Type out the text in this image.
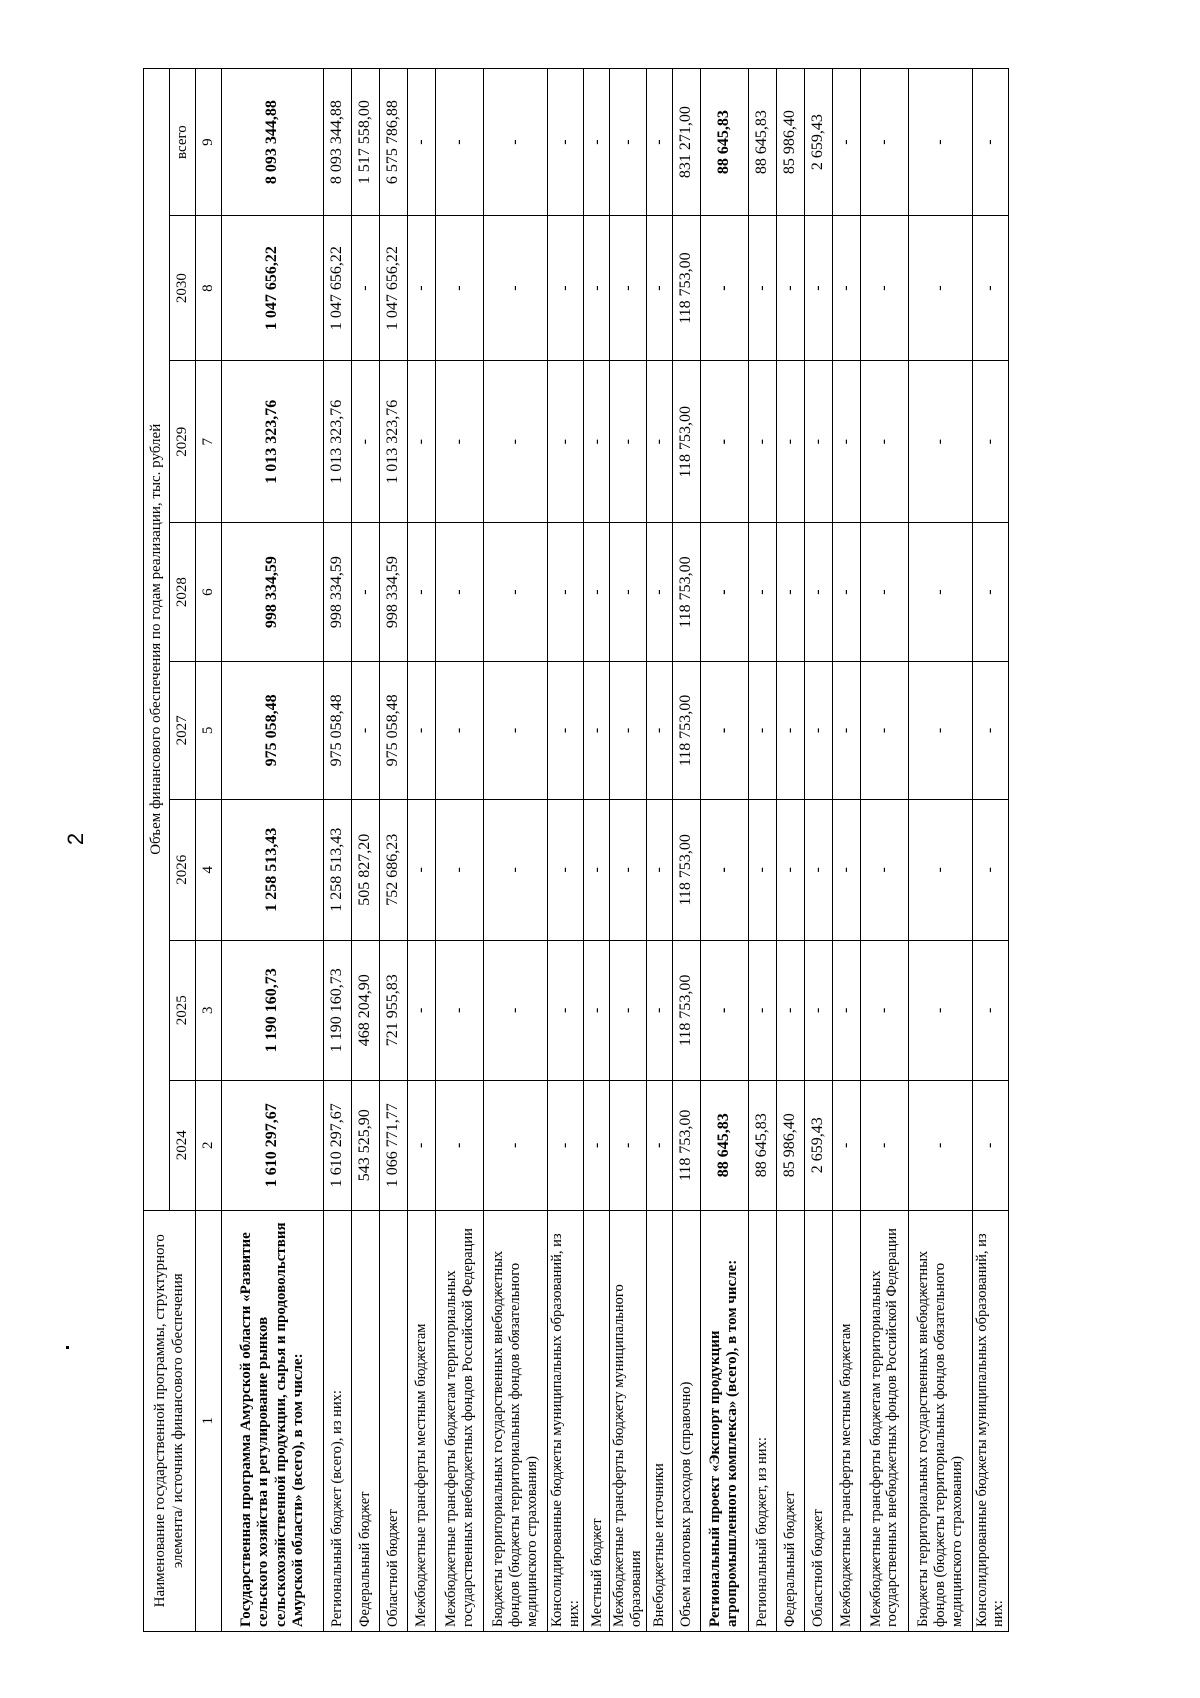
2
Наименование государственной программы, структурного элемента/ источник финансового обеспечения	Объем финансового обеспечения по годам реализации, тыс. рублей							
	2024	2025	2026	2027	2028	2029	2030	всего
1	2	3	4	5	6	7	8	9
Государственная программа Амурской области «Развитие сельского хозяйства и регулирование рынков сельскохозяйственной продукции, сырья и продовольствия Амурской области» (всего), в том числе:	1 610 297,67	1 190 160,73	1 258 513,43	975 058,48	998 334,59	1 013 323,76	1 047 656,22	8 093 344,88
Региональный бюджет (всего), из них:	1 610 297,67	1 190 160,73	1 258 513,43	975 058,48	998 334,59	1 013 323,76	1 047 656,22	8 093 344,88
Федеральный бюджет	543 525,90	468 204,90	505 827,20	-	-	-	-	1 517 558,00
Областной бюджет	1 066 771,77	721 955,83	752 686,23	975 058,48	998 334,59	1 013 323,76	1 047 656,22	6 575 786,88
Межбюджетные трансферты местным бюджетам	-	-	-	-	-	-	-	-
Межбюджетные трансферты бюджетам территориальных государственных внебюджетных фондов Российской Федерации	-	-	-	-	-	-	-	-
Бюджеты территориальных государственных внебюджетных фондов (бюджеты территориальных фондов обязательного медицинского страхования)	-	-	-	-	-	-	-	-
Консолидированные бюджеты муниципальных образований, из них:	-	-	-	-	-	-	-	-
Местный бюджет	-	-	-	-	-	-	-	-
Межбюджетные трансферты бюджету муниципального образования	-	-	-	-	-	-	-	-
Внебюджетные источники	-	-	-	-	-	-	-	-
Объем налоговых расходов (справочно)	118 753,00	118 753,00	118 753,00	118 753,00	118 753,00	118 753,00	118 753,00	831 271,00
Региональный проект «Экспорт продукции агропромышленного комплекса» (всего), в том числе:	88 645,83	-	-	-	-	-	-	88 645,83
Региональный бюджет, из них:	88 645,83	-	-	-	-	-	-	88 645,83
Федеральный бюджет	85 986,40	-	-	-	-	-	-	85 986,40
Областной бюджет	2 659,43	-	-	-	-	-	-	2 659,43
Межбюджетные трансферты местным бюджетам	-	-	-	-	-	-	-	-
Межбюджетные трансферты бюджетам территориальных государственных внебюджетных фондов Российской Федерации	-	-	-	-	-	-	-	-
Бюджеты территориальных государственных внебюджетных фондов (бюджеты территориальных фондов обязательного медицинского страхования)	-	-	-	-	-	-	-	-
Консолидированные бюджеты муниципальных образований, из них:	-	-	-	-	-	-	-	-
